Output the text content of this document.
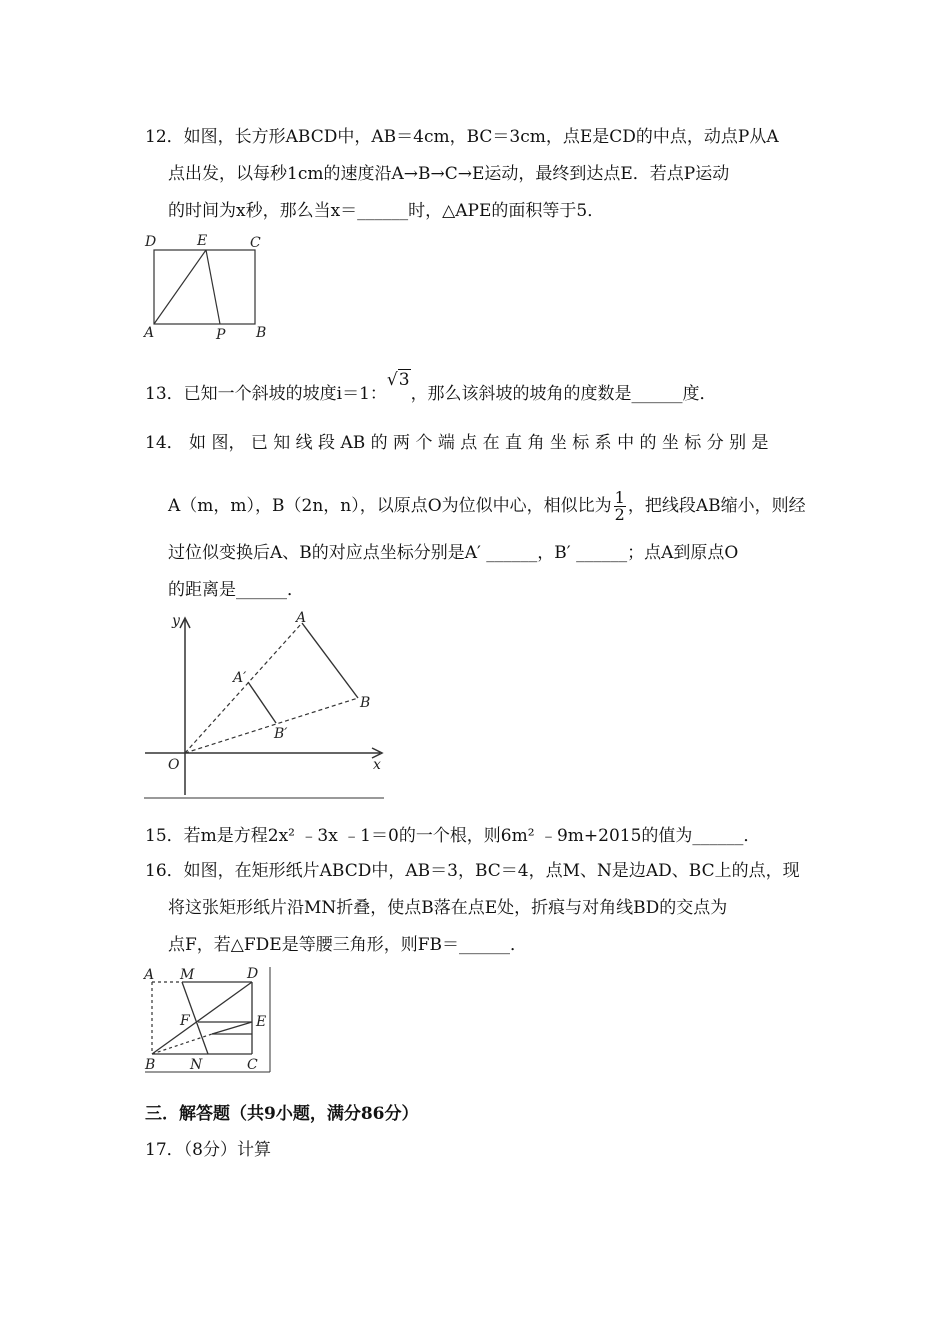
12．如图，长方形ABCD中，AB＝4cm，BC＝3cm，点E是CD的中点，动点P从A
点出发，以每秒1cm的速度沿A→B→C→E运动，最终到达点E．若点P运动
的时间为x秒，那么当x＝______时，△APE的面积等于5．
D	E	C
A	P B
13．已知一个斜坡的坡度i＝1：√3，那么该斜坡的坡角的度数是______度．
14． 如 图， 已 知 线 段 AB 的 两 个 端 点 在 直 角 坐 标 系 中 的 坐 标 分 别 是
A（m，m），B（2n，n），以原点O为位似中心，相似比为 $\frac{1}{2}$ ，把线段AB缩小，则经
过位似变换后A、B的对应点坐标分别是A′ ______，B′ ______；点A到原点O
的距离是______．
y	A
A′
B
B′
O	x
15．若m是方程2x² ﹣3x ﹣1＝0的一个根，则6m² ﹣9m+2015的值为______．
16．如图，在矩形纸片ABCD中，AB＝3，BC＝4，点M、N是边AD、BC上的点，现
将这张矩形纸片沿MN折叠，使点B落在点E处，折痕与对角线BD的交点为
点F，若△FDE是等腰三角形，则FB＝______．
A M	D
F	E
B N	C
三．解答题（共9小题，满分86分）
17．（8分）计算
